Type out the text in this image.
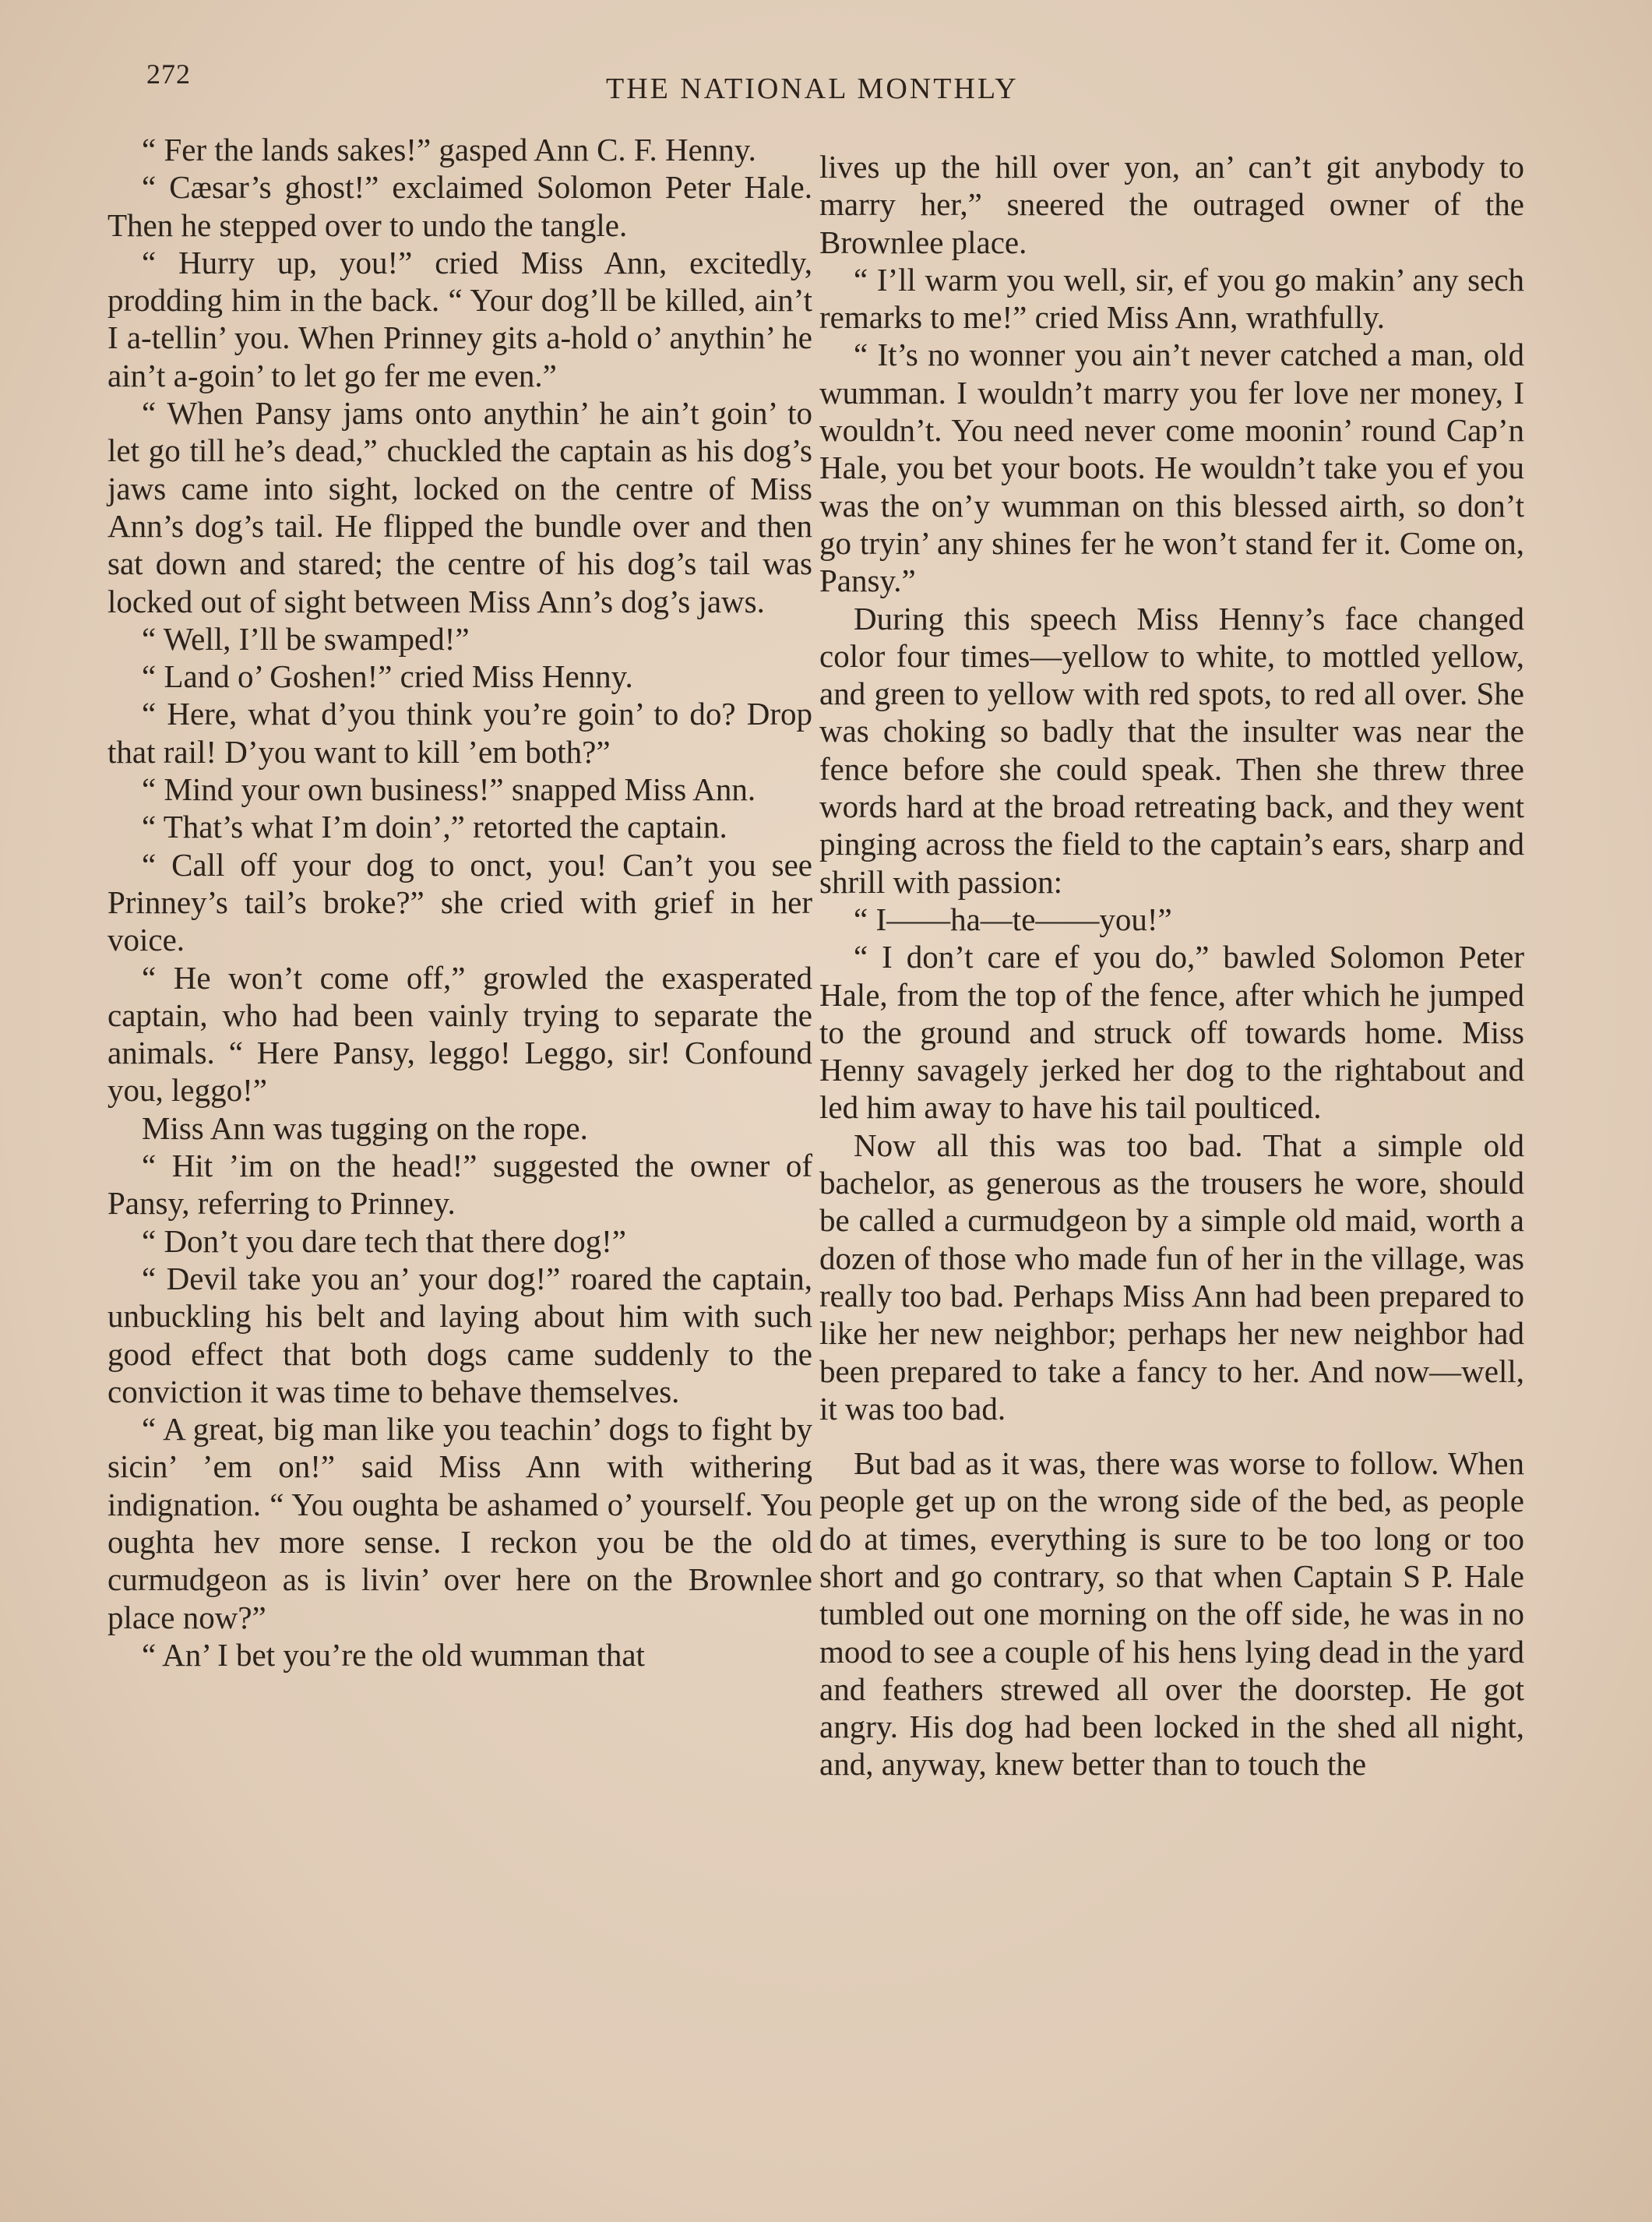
272	THE NATIONAL MONTHLY

“ Fer the lands sakes!” gasped Ann C. F. Henny.

“ Cæsar’s ghost!” exclaimed Solomon Peter Hale. Then he stepped over to undo the tangle.

“ Hurry up, you!” cried Miss Ann, excitedly, prodding him in the back. “ Your dog’ll be killed, ain’t I a-tellin’ you. When Prinney gits a-hold o’ anythin’ he ain’t a-goin’ to let go fer me even.”

“ When Pansy jams onto anythin’ he ain’t goin’ to let go till he’s dead,” chuckled the captain as his dog’s jaws came into sight, locked on the centre of Miss Ann’s dog’s tail. He flipped the bundle over and then sat down and stared; the centre of his dog’s tail was locked out of sight between Miss Ann’s dog’s jaws.

“ Well, I’ll be swamped!”

“ Land o’ Goshen!” cried Miss Henny.

“ Here, what d’you think you’re goin’ to do? Drop that rail! D’you want to kill ’em both?”

“ Mind your own business!” snapped Miss Ann.

“ That’s what I’m doin’,” retorted the captain.

“ Call off your dog to onct, you! Can’t you see Prinney’s tail’s broke?” she cried with grief in her voice.

“ He won’t come off,” growled the exasperated captain, who had been vainly trying to separate the animals. “ Here Pansy, leggo! Leggo, sir! Confound you, leggo!”

Miss Ann was tugging on the rope.

“ Hit ’im on the head!” suggested the owner of Pansy, referring to Prinney.

“ Don’t you dare tech that there dog!”

“ Devil take you an’ your dog!” roared the captain, unbuckling his belt and laying about him with such good effect that both dogs came suddenly to the conviction it was time to behave themselves.

“ A great, big man like you teachin’ dogs to fight by sicin’ ’em on!” said Miss Ann with withering indignation. “ You oughta be ashamed o’ yourself. You oughta hev more sense. I reckon you be the old curmudgeon as is livin’ over here on the Brownlee place now?”

“ An’ I bet you’re the old wumman that

lives up the hill over yon, an’ can’t git anybody to marry her,” sneered the outraged owner of the Brownlee place.

“ I’ll warm you well, sir, ef you go makin’ any sech remarks to me!” cried Miss Ann, wrathfully.

“ It’s no wonner you ain’t never catched a man, old wumman. I wouldn’t marry you fer love ner money, I wouldn’t. You need never come moonin’ round Cap’n Hale, you bet your boots. He wouldn’t take you ef you was the on’y wumman on this blessed airth, so don’t go tryin’ any shines fer he won’t stand fer it. Come on, Pansy.”

During this speech Miss Henny’s face changed color four times—yellow to white, to mottled yellow, and green to yellow with red spots, to red all over. She was choking so badly that the insulter was near the fence before she could speak. Then she threw three words hard at the broad retreating back, and they went pinging across the field to the captain’s ears, sharp and shrill with passion:

“ I——ha—te——you!”

“ I don’t care ef you do,” bawled Solomon Peter Hale, from the top of the fence, after which he jumped to the ground and struck off towards home. Miss Henny savagely jerked her dog to the rightabout and led him away to have his tail poulticed.

Now all this was too bad. That a simple old bachelor, as generous as the trousers he wore, should be called a curmudgeon by a simple old maid, worth a dozen of those who made fun of her in the village, was really too bad. Perhaps Miss Ann had been prepared to like her new neighbor; perhaps her new neighbor had been prepared to take a fancy to her. And now—well, it was too bad.

But bad as it was, there was worse to follow. When people get up on the wrong side of the bed, as people do at times, everything is sure to be too long or too short and go contrary, so that when Captain S P. Hale tumbled out one morning on the off side, he was in no mood to see a couple of his hens lying dead in the yard and feathers strewed all over the doorstep. He got angry. His dog had been locked in the shed all night, and, anyway, knew better than to touch the
